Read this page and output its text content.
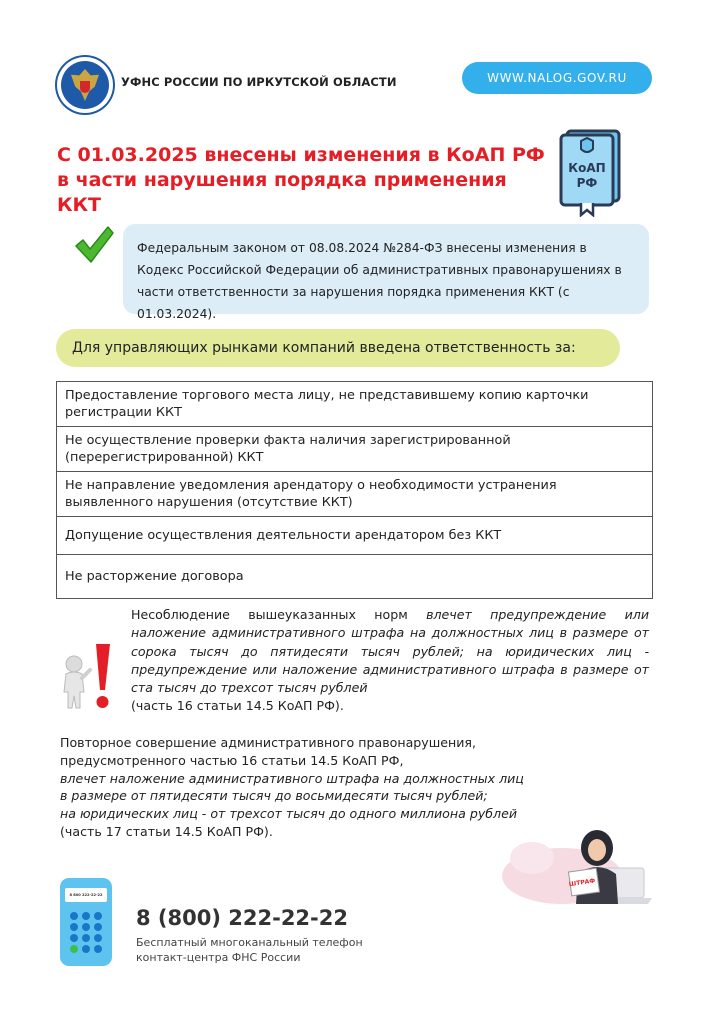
УФНС РОССИИ ПО ИРКУТСКОЙ ОБЛАСТИ	WWW.NALOG.GOV.RU
С 01.03.2025 внесены изменения в КоАП РФ
в части нарушения порядка применения ККТ
КоАП
РФ
Федеральным законом от 08.08.2024 №284-ФЗ внесены изменения в Кодекс Российской Федерации об административных правонарушениях в части ответственности за нарушения порядка применения ККТ (с 01.03.2024).
Для управляющих рынками компаний введена ответственность за:
Предоставление торгового места лицу, не представившему копию карточки регистрации ККТ
Не осуществление проверки факта наличия зарегистрированной (перерегистрированной) ККТ
Не направление уведомления арендатору о необходимости устранения выявленного нарушения (отсутствие ККТ)
Допущение осуществления деятельности арендатором без ККТ
Не расторжение договора
Несоблюдение вышеуказанных норм влечет предупреждение или наложение административного штрафа на должностных лиц в размере от сорока тысяч до пятидесяти тысяч рублей; на юридических лиц - предупреждение или наложение административного штрафа в размере от ста тысяч до трехсот тысяч рублей
(часть 16 статьи 14.5 КоАП РФ).
Повторное совершение административного правонарушения,
предусмотренного частью 16 статьи 14.5 КоАП РФ,
влечет наложение административного штрафа на должностных лиц
в размере от пятидесяти тысяч до восьмидесяти тысяч рублей;
на юридических лиц - от трехсот тысяч до одного миллиона рублей
(часть 17 статьи 14.5 КоАП РФ).
ШТРАФ
8 800 222-22-22
8 (800) 222-22-22
Бесплатный многоканальный телефон
контакт-центра ФНС России
